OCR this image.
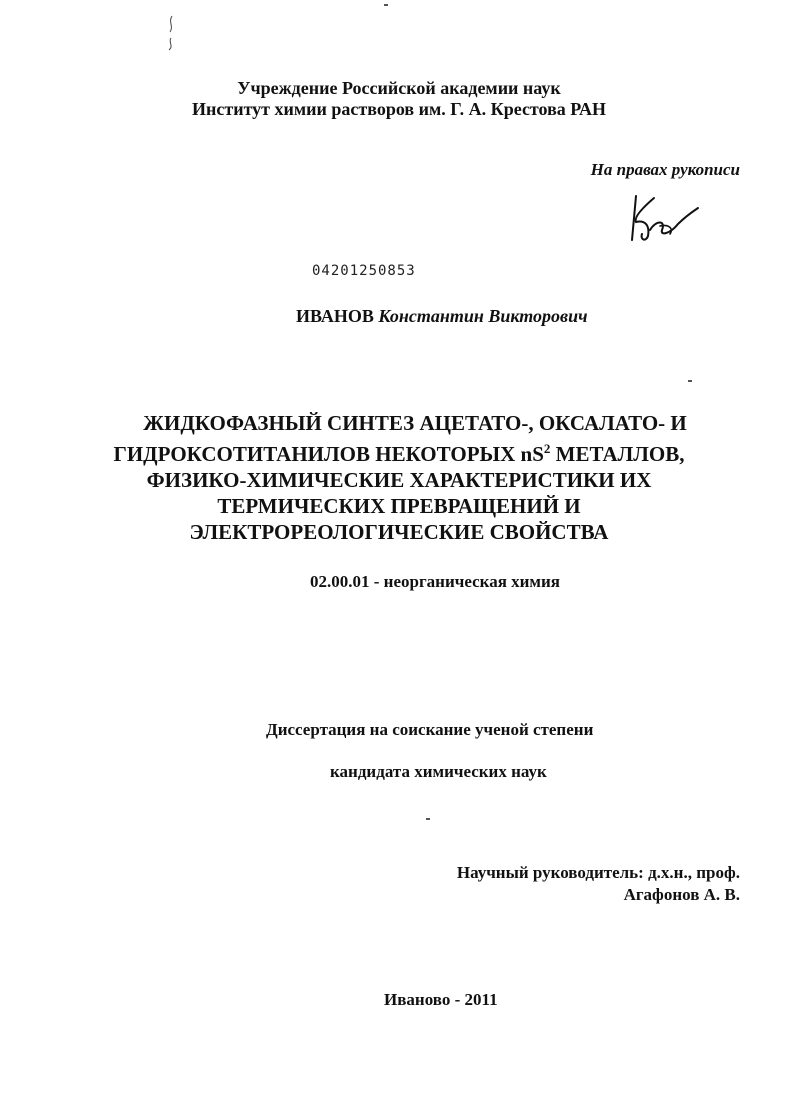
Учреждение Российской академии наук
Институт химии растворов им. Г. А. Крестова РАН
На правах рукописи
04201250853
ИВАНОВ Константин Викторович
ЖИДКОФАЗНЫЙ СИНТЕЗ АЦЕТАТО-, ОКСАЛАТО- И
ГИДРОКСОТИТАНИЛОВ НЕКОТОРЫХ $nS^2$ МЕТАЛЛОВ,
ФИЗИКО-ХИМИЧЕСКИЕ ХАРАКТЕРИСТИКИ ИХ
ТЕРМИЧЕСКИХ ПРЕВРАЩЕНИЙ И
ЭЛЕКТРОРЕОЛОГИЧЕСКИЕ СВОЙСТВА
02.00.01 - неорганическая химия
Диссертация на соискание ученой степени
кандидата химических наук
Научный руководитель: д.х.н., проф.
Агафонов А. В.
Иваново - 2011
